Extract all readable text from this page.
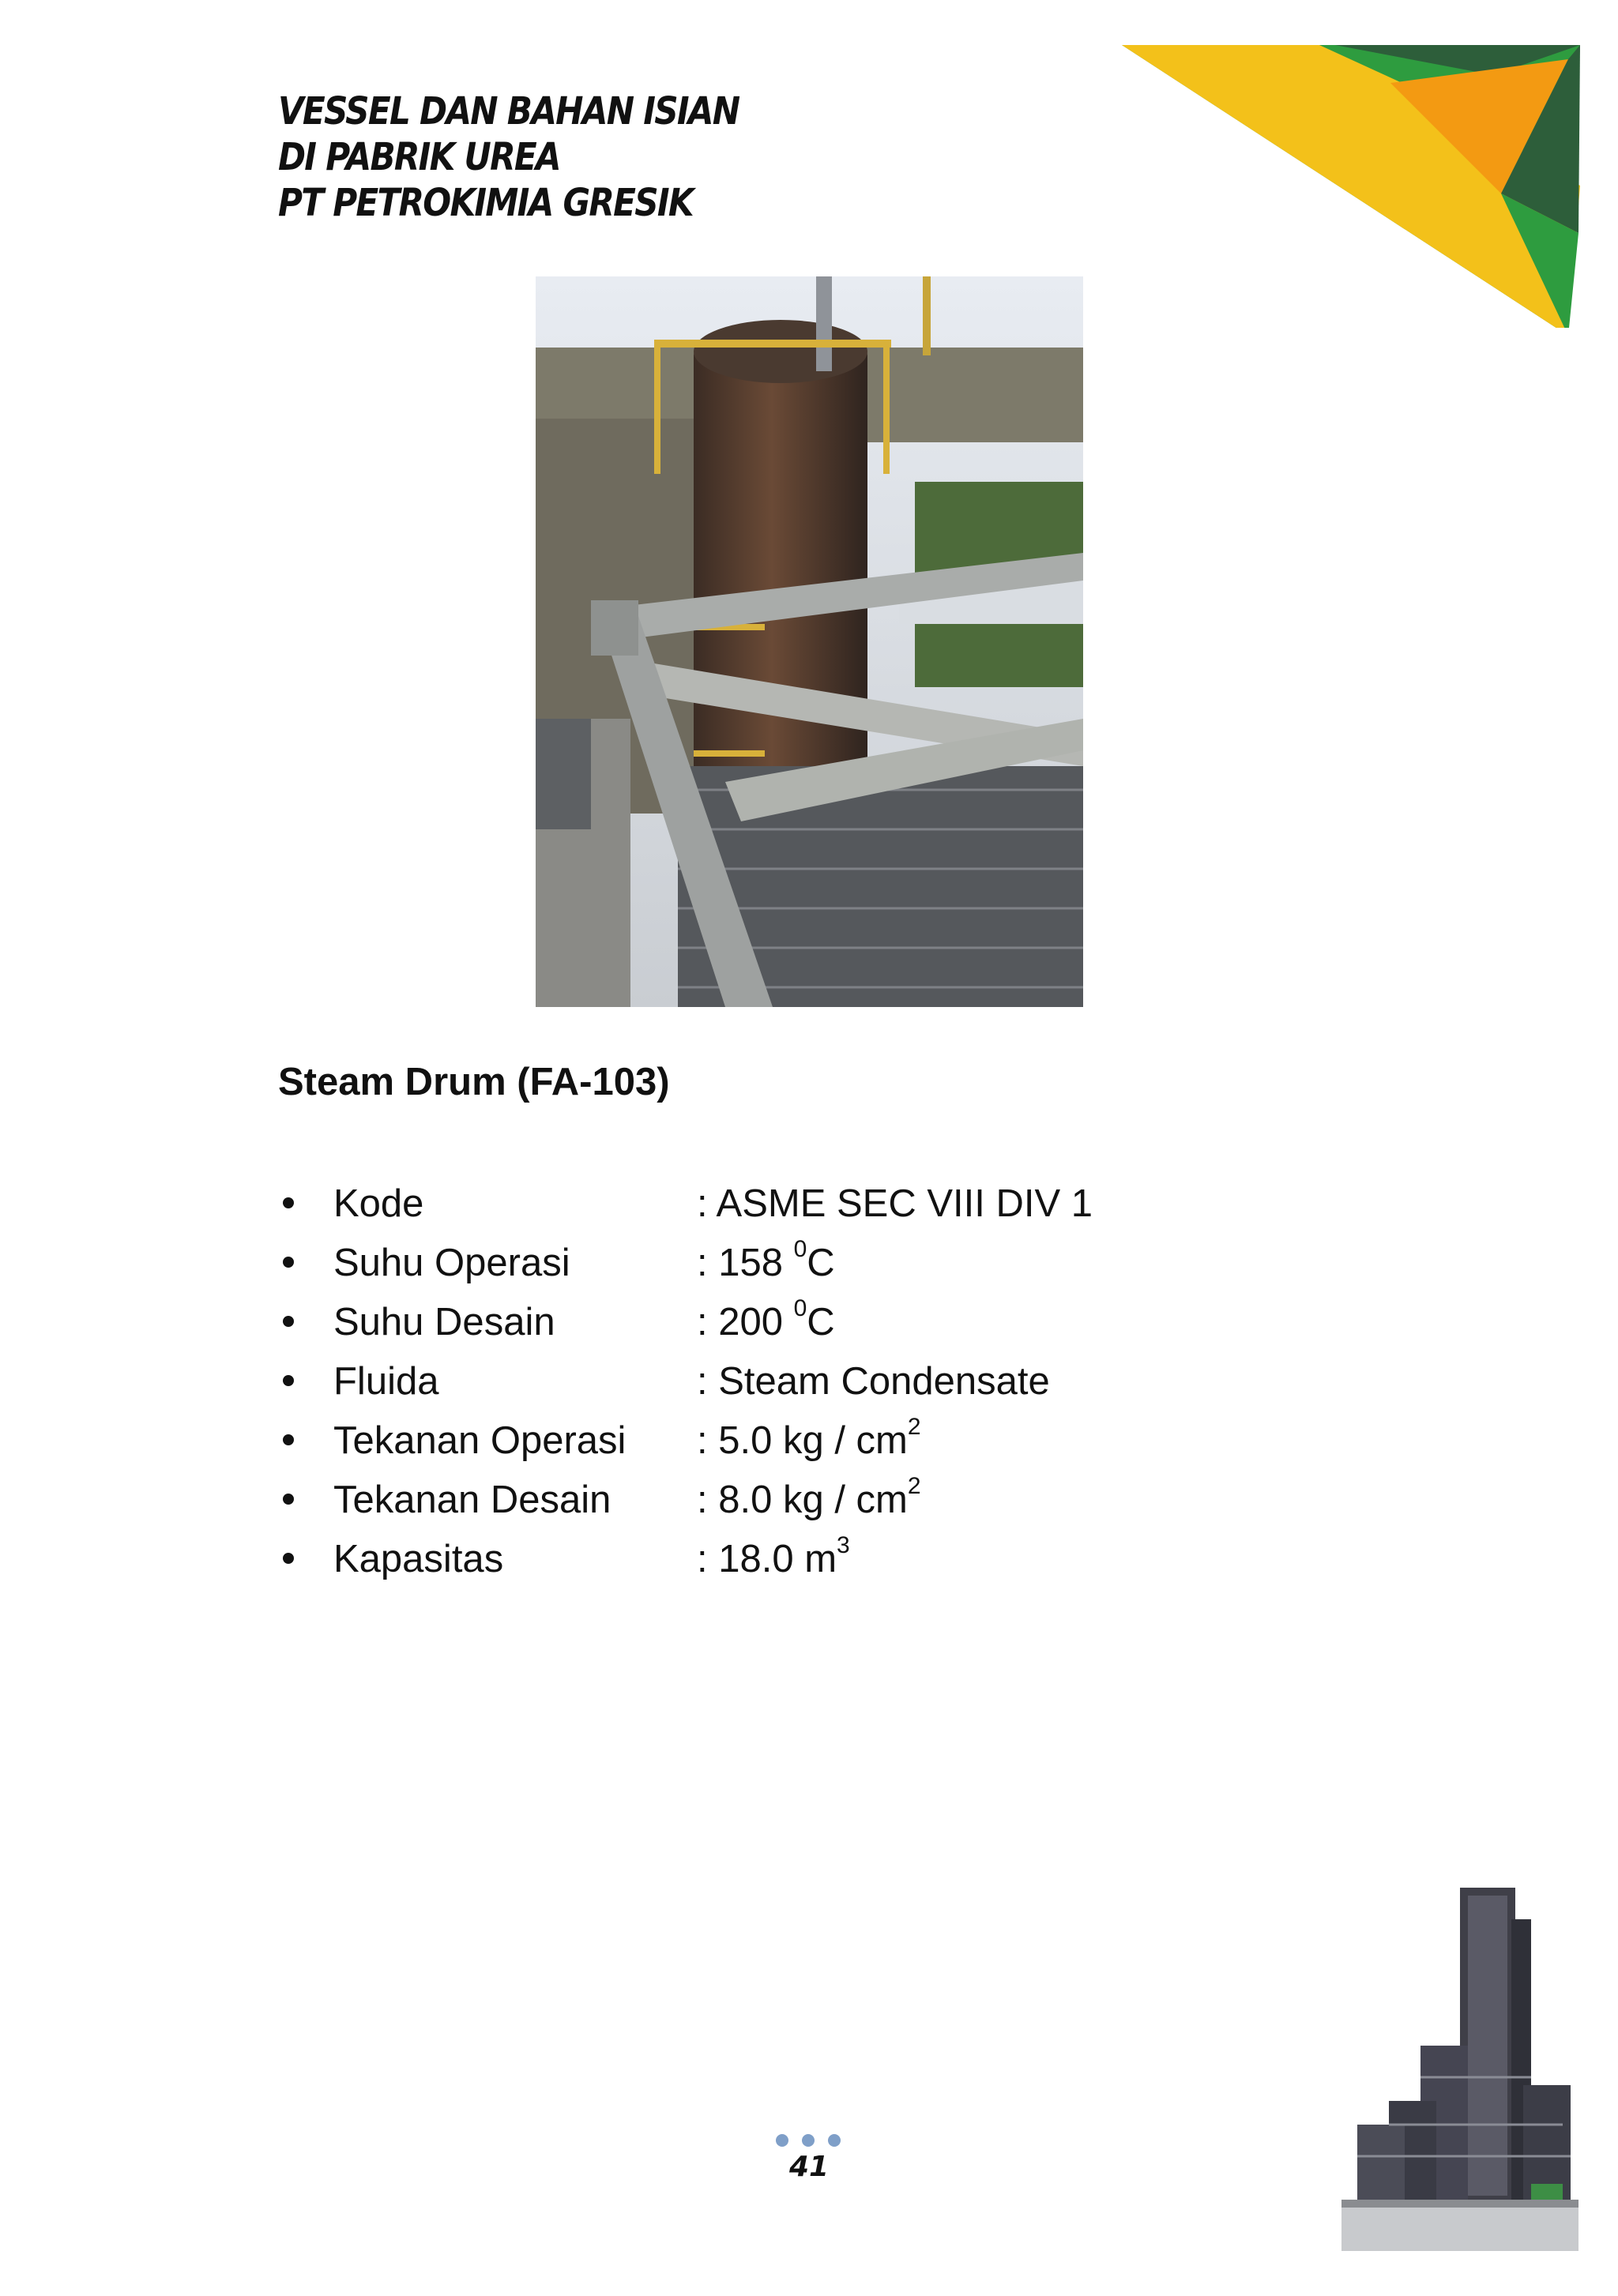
VESSEL DAN BAHAN ISIAN
DI PABRIK UREA
PT PETROKIMIA GRESIK
Steam Drum (FA-103)
Kode	: ASME SEC VIII DIV 1
Suhu Operasi	: 158 $^0$C
Suhu Desain	: 200 $^0$C
Fluida	: Steam Condensate
Tekanan Operasi : 5.0 kg / $cm^2$
Tekanan Desain : 8.0 kg / $cm^2$
Kapasitas	: 18.0 $m^3$
41
